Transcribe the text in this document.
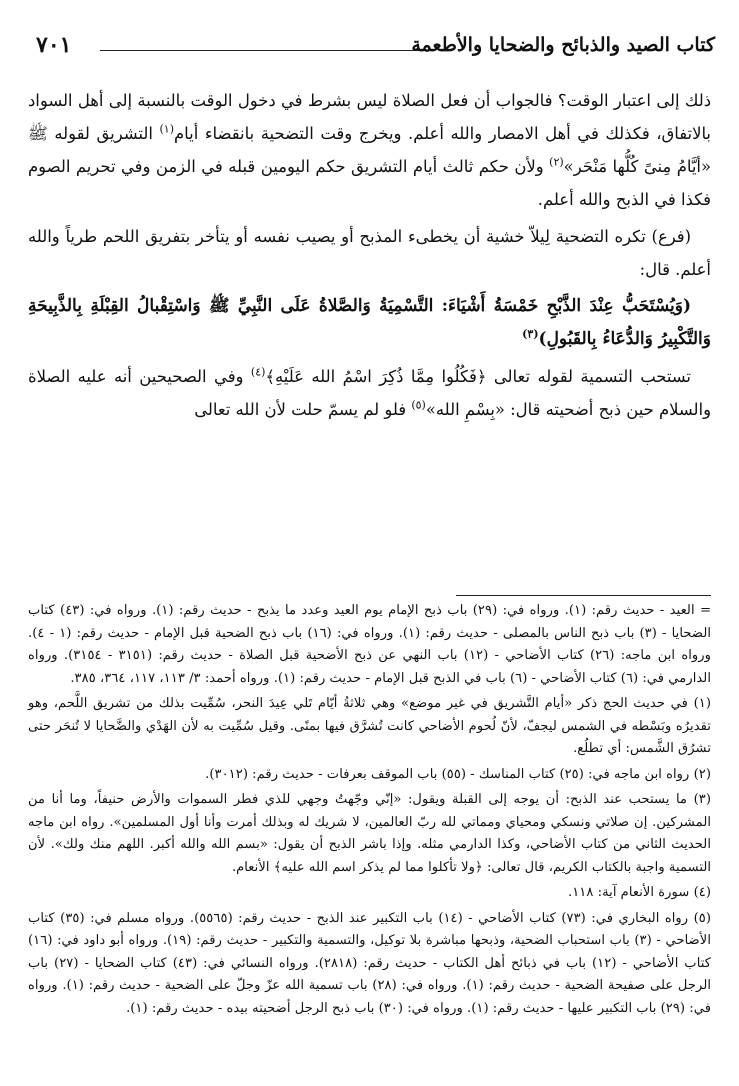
٧٠١	كتاب الصيد والذبائح والضحايا والأطعمة

ذلك إلى اعتبار الوقت؟ فالجواب أن فعل الصلاة ليس بشرط في دخول الوقت بالنسبة إلى أهل السواد بالاتفاق، فكذلك في أهل الامصار والله أعلم. ويخرج وقت التضحية بانقضاء أيام$^{(١)}$ التشريق لقوله ﷺ «أيَّامُ مِنىً كُلُّها مَنْحَر»$^{(٢)}$ ولأن حكم ثالث أيام التشريق حكم اليومين قبله في الزمن وفي تحريم الصوم فكذا في الذبح والله أعلم.

(فرع) تكره التضحية لِيلاّ خشية أن يخطىء المذبح أو يصيب نفسه أو يتأخر بتفريق اللحم طرياً والله أعلم. قال:

(وَيُسْتَحَبُّ عِنْدَ الذَّبْحِ خَمْسَةُ أَشْيَاءَ: التَّسْمِيَةُ وَالصَّلاةُ عَلَى النَّبِيِّ ﷺ وَاسْتِقْبالُ القِبْلَةِ بِالذَّبِيحَةِ وَالتَّكْبِيرُ وَالدُّعَاءُ بِالقَبُولِ)$^{(٣)}$

تستحب التسمية لقوله تعالى ﴿فَكُلُوا مِمَّا ذُكِرَ اسْمُ الله عَلَيْهِ﴾$^{(٤)}$ وفي الصحيحين أنه عليه الصلاة والسلام حين ذبح أضحيته قال: «بِسْمِ الله»$^{(٥)}$ فلو لم يسمّ حلت لأن الله تعالى

= العيد - حديث رقم: (١). ورواه في: (٢٩) باب ذبح الإمام يوم العيد وعدد ما يذبح - حديث رقم: (١). ورواه في: (٤٣) كتاب الضحايا - (٣) باب ذبح الناس بالمصلى - حديث رقم: (١). ورواه في: (١٦) باب ذبح الضحية قبل الإمام - حديث رقم: (١ - ٤). ورواه ابن ماجه: (٢٦) كتاب الأضاحي - (١٢) باب النهي عن ذبح الأضحية قبل الصلاة - حديث رقم: (٣١٥١ - ٣١٥٤). ورواه الدارمي في: (٦) كتاب الأضاحي - (٦) باب في الذبح قبل الإمام - حديث رقم: (١). ورواه أحمد: ٣/ ١١٣، ١١٧، ٣٦٤، ٣٨٥.

(١) في حديث الحج ذكر «أيام التَّشريق في غير موضع» وهي ثلاثةُ أيّام تَلي عِيدَ النحر، سُمِّيت بذلك من تشريق اللَّحم، وهو تقديرُه وبَسْطه في الشمس ليجفّ، لأنّ لُحوم الأضاحي كانت تُشرَّق فيها بمنًى. وقيل سُمِّيت به لأن الهَدْي والضَّحايا لا تُنحَر حتى تشرُق الشَّمس: أي تطلُع.

(٢) رواه ابن ماجه في: (٢٥) كتاب المناسك - (٥٥) باب الموقف بعرفات - حديث رقم: (٣٠١٢).

(٣) ما يستحب عند الذبح: أن يوجه إلى القبلة ويقول: «إنّي وجّهتُ وجهي للذي فطر السموات والأرض حنيفاً، وما أنا من المشركين. إن صلاتي ونسكي ومحياي ومماتي لله ربّ العالمين، لا شريك له وبذلك أمرت وأنا أول المسلمين». رواه ابن ماجه الحديث الثاني من كتاب الأضاحي، وكذا الدارمي مثله. وإذا باشر الذبح أن يقول: «بسم الله والله أكبر. اللهم منك ولك». لأن التسمية واجبة بالكتاب الكريم، قال تعالى: ﴿ولا تأكلوا مما لم يذكر اسم الله عليه﴾ الأنعام.

(٤) سورة الأنعام آية: ١١٨.

(٥) رواه البخاري في: (٧٣) كتاب الأضاحي - (١٤) باب التكبير عند الذبح - حديث رقم: (٥٥٦٥). ورواه مسلم في: (٣٥) كتاب الأضاحي - (٣) باب استحباب الضحية، وذبحها مباشرة بلا توكيل، والتسمية والتكبير - حديث رقم: (١٩). ورواه أبو داود في: (١٦) كتاب الأضاحي - (١٢) باب في ذبائح أهل الكتاب - حديث رقم: (٢٨١٨). ورواه النسائي في: (٤٣) كتاب الضحايا - (٢٧) باب الرجل على صفيحة الضحية - حديث رقم: (١). ورواه في: (٢٨) باب تسمية الله عزّ وجلّ على الضحية - حديث رقم: (١). ورواه في: (٢٩) باب التكبير عليها - حديث رقم: (١). ورواه في: (٣٠) باب ذبح الرجل أضحيته بيده - حديث رقم: (١).
